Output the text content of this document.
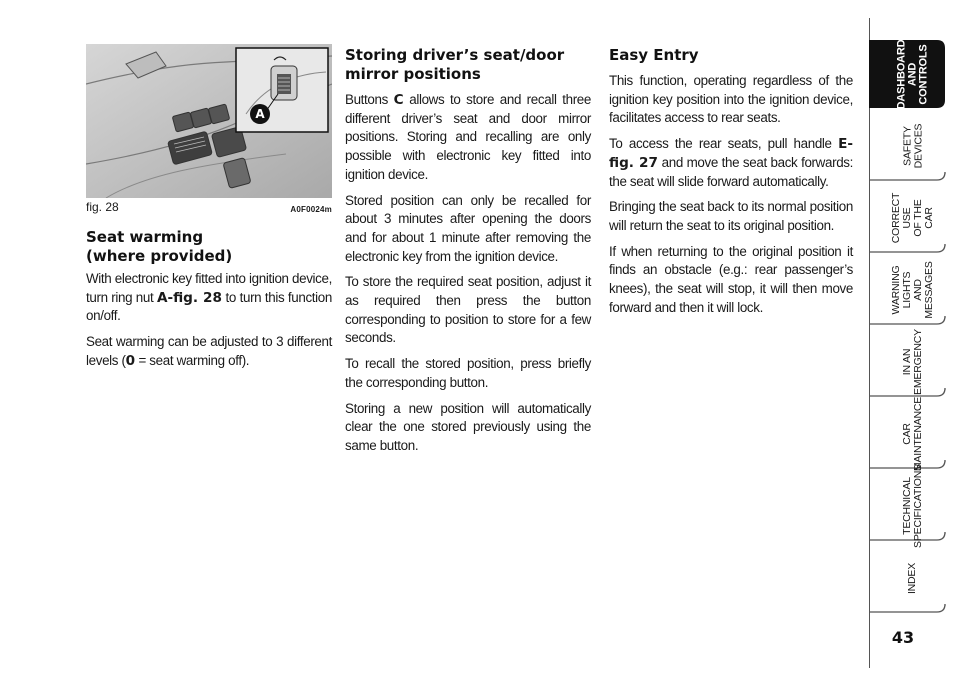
A
fig. 28	A0F0024m
Seat warming
(where provided)

With electronic key fitted into ignition device, turn ring nut A-fig. 28 to turn this function on/off.

Seat warming can be adjusted to 3 different levels (0 = seat warming off).

Storing driver’s seat/door
mirror positions

Buttons C allows to store and recall three different driver’s seat and door mirror positions. Storing and recalling are only possible with electronic key fitted into ignition device.

Stored position can only be recalled for about 3 minutes after opening the doors and for about 1 minute after removing the electronic key from the ignition device.

To store the required seat position, adjust it as required then press the button corresponding to position to store for a few seconds.

To recall the stored position, press briefly the corresponding button.

Storing a new position will automatically clear the one stored previously using the same button.

Easy Entry

This function, operating regardless of the ignition key position into the ignition device, facilitates access to rear seats.

To access the rear seats, pull handle E-fig. 27 and move the seat back forwards: the seat will slide forward automatically.

Bringing the seat back to its normal position will return the seat to its original position.

If when returning to the original position it finds an obstacle (e.g.: rear passenger’s knees), the seat will stop, it will then move forward and then it will lock.

DASHBOARD
AND
CONTROLS
SAFETY
DEVICES
CORRECT USE
OF THE CAR
WARNING
LIGHTS AND
MESSAGES
IN AN
EMERGENCY
CAR
MAINTENANCE
TECHNICAL
SPECIFICATIONS
INDEX
43
